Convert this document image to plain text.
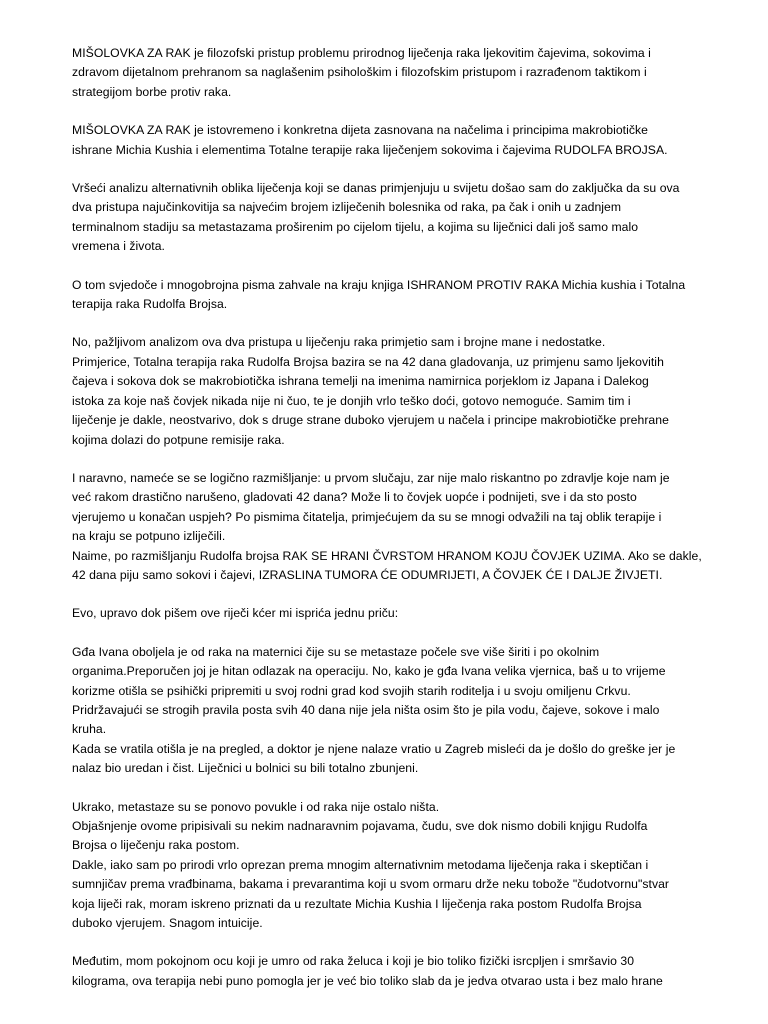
MIŠOLOVKA ZA RAK je filozofski pristup problemu prirodnog liječenja raka ljekovitim čajevima, sokovima i
zdravom dijetalnom prehranom sa naglašenim psihološkim i filozofskim pristupom i razrađenom taktikom i
strategijom borbe protiv raka.

MIŠOLOVKA ZA RAK je istovremeno i konkretna dijeta zasnovana na načelima i principima makrobiotičke
ishrane Michia Kushia i elementima Totalne terapije raka liječenjem sokovima i čajevima RUDOLFA BROJSA.

Vršeći analizu alternativnih oblika liječenja koji se danas primjenjuju u svijetu došao sam do zaključka da su ova
dva pristupa najučinkovitija sa najvećim brojem izliječenih bolesnika od raka, pa čak i onih u zadnjem
terminalnom stadiju sa metastazama proširenim po cijelom tijelu, a kojima su liječnici dali još samo malo
vremena i života.

O tom svjedoče i mnogobrojna pisma zahvale na kraju knjiga ISHRANOM PROTIV RAKA Michia kushia i Totalna
terapija raka Rudolfa Brojsa.

No, pažljivom analizom ova dva pristupa u liječenju raka primjetio sam i brojne mane i nedostatke.
Primjerice, Totalna terapija raka Rudolfa Brojsa bazira se na 42 dana gladovanja, uz primjenu samo ljekovitih
čajeva i sokova dok se makrobiotička ishrana temelji na imenima namirnica porjeklom iz Japana i Dalekog
istoka za koje naš čovjek nikada nije ni čuo, te je donjih vrlo teško doći, gotovo nemoguće. Samim tim i
liječenje je dakle, neostvarivo, dok s druge strane duboko vjerujem u načela i principe makrobiotičke prehrane
kojima dolazi do potpune remisije raka.

I naravno, nameće se se logično razmišljanje: u prvom slučaju, zar nije malo riskantno po zdravlje koje nam je
već rakom drastično narušeno, gladovati 42 dana? Može li to čovjek uopće i podnijeti, sve i da sto posto
vjerujemo u konačan uspjeh? Po pismima čitatelja, primjećujem da su se mnogi odvažili na taj oblik terapije i
na kraju se potpuno izliječili.
Naime, po razmišljanju Rudolfa brojsa RAK SE HRANI ČVRSTOM HRANOM KOJU ČOVJEK UZIMA. Ako se dakle,
42 dana piju samo sokovi i čajevi, IZRASLINA TUMORA ĆE ODUMRIJETI, A ČOVJEK ĆE I DALJE ŽIVJETI.

Evo, upravo dok pišem ove riječi kćer mi isprića jednu priču:

Gđa Ivana oboljela je od raka na maternici čije su se metastaze počele sve više širiti i po okolnim
organima.Preporučen joj je hitan odlazak na operaciju. No, kako je gđa Ivana velika vjernica, baš u to vrijeme
korizme otišla se psihički pripremiti u svoj rodni grad kod svojih starih roditelja i u svoju omiljenu Crkvu.
Pridržavajući se strogih pravila posta svih 40 dana nije jela ništa osim što je pila vodu, čajeve, sokove i malo
kruha.
Kada se vratila otišla je na pregled, a doktor je njene nalaze vratio u Zagreb misleći da je došlo do greške jer je
nalaz bio uredan i čist. Liječnici u bolnici su bili totalno zbunjeni.

Ukrako, metastaze su se ponovo povukle i od raka nije ostalo ništa.
Objašnjenje ovome pripisivali su nekim nadnaravnim pojavama, čudu, sve dok nismo dobili knjigu Rudolfa
Brojsa o liječenju raka postom.
Dakle, iako sam po prirodi vrlo oprezan prema mnogim alternativnim metodama liječenja raka i skeptičan i
sumnjičav prema vrađbinama, bakama i prevarantima koji u svom ormaru drže neku tobože "čudotvornu"stvar
koja liječi rak, moram iskreno priznati da u rezultate Michia Kushia I liječenja raka postom Rudolfa Brojsa
duboko vjerujem. Snagom intuicije.

Međutim, mom pokojnom ocu koji je umro od raka želuca i koji je bio toliko fizički isrcpljen i smršavio 30
kilograma, ova terapija nebi puno pomogla jer je već bio toliko slab da je jedva otvarao usta i bez malo hrane
